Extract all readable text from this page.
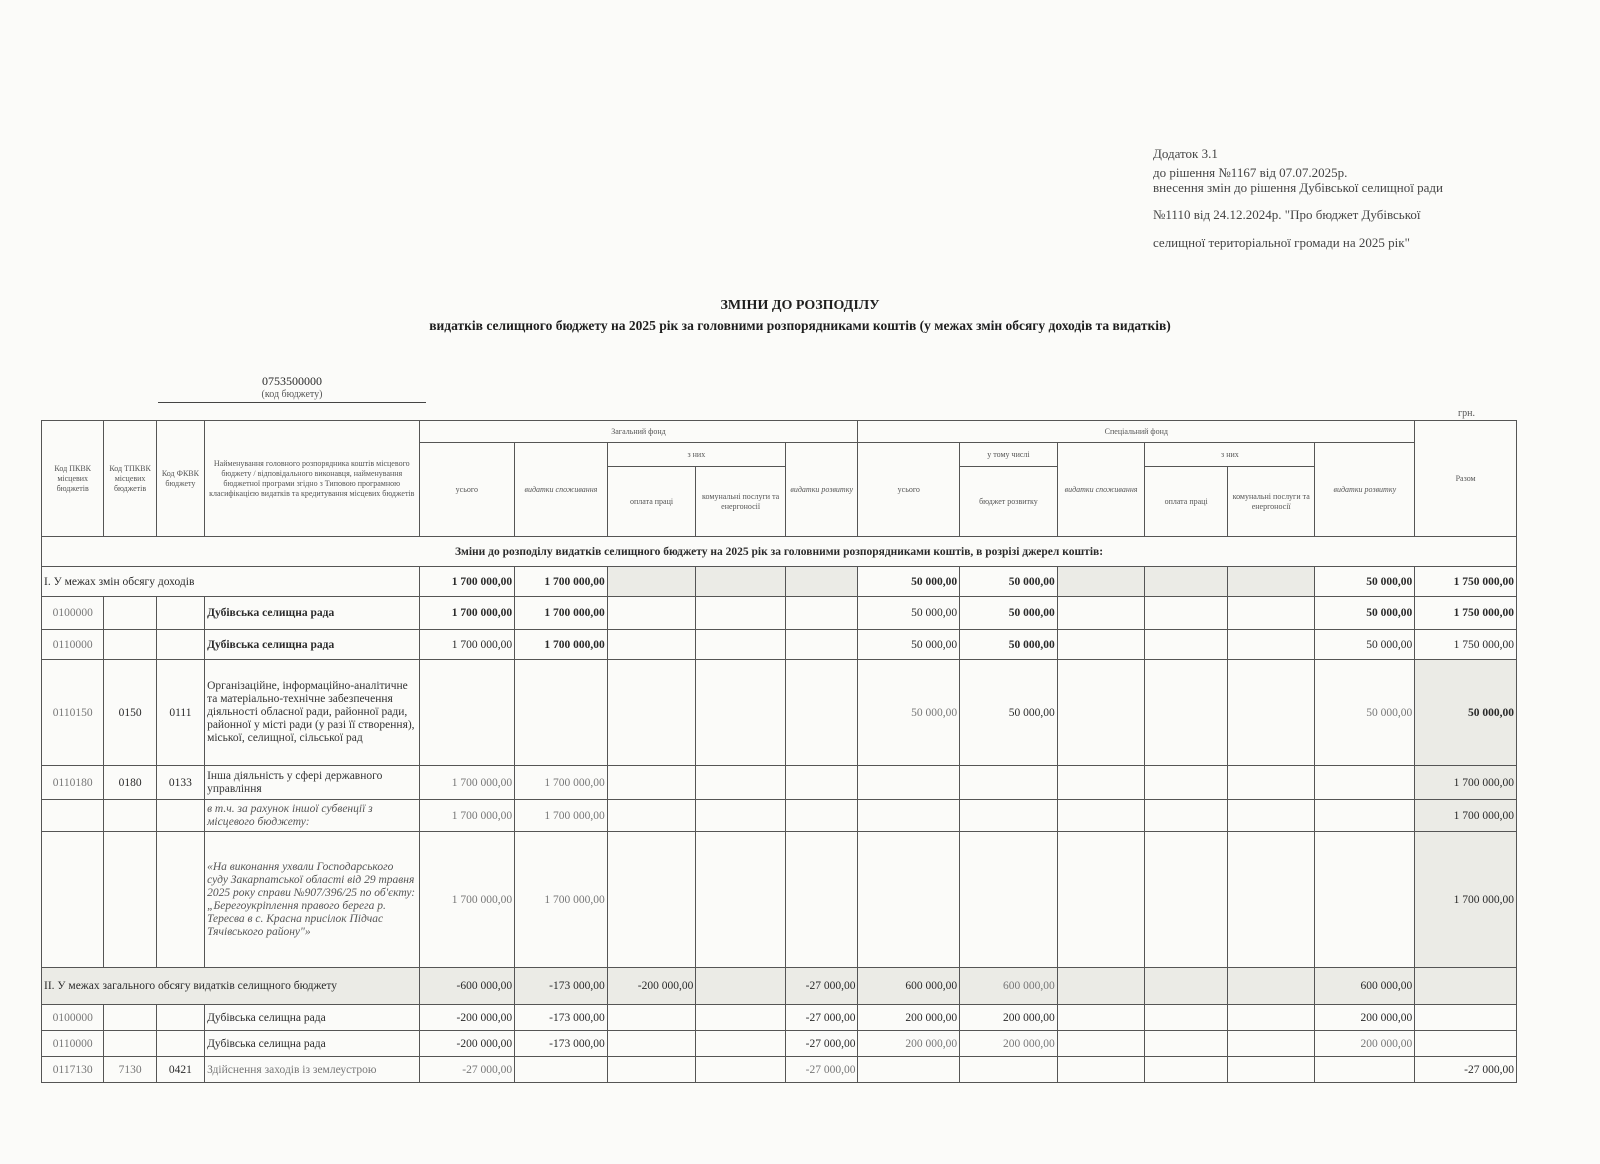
Додаток 3.1
до рішення №1167 від 07.07.2025р.
внесення змін до рішення Дубівської селищної ради
№1110 від 24.12.2024р. "Про бюджет Дубівської
селищної територіальної громади на 2025 рік"
ЗМІНИ ДО РОЗПОДІЛУ
видатків селищного бюджету на 2025 рік за головними розпорядниками коштів (у межах змін обсягу доходів та видатків)
0753500000
(код бюджету)
грн.
Код ПКВК місцевих бюджетів	Код ТПКВК місцевих бюджетів	Код ФКВК бюджету	Найменування головного розпорядника коштів місцевого бюджету / відповідального виконавця, найменування бюджетної програми згідно з Типовою програмною класифікацією видатків та кредитування місцевих бюджетів	Загальний фонд					Спеціальний фонд						Разом
				усього	видатки споживання	з них		видатки розвитку	усього	у тому числі	видатки споживання	з них		видатки розвитку	
						оплата праці	комунальні послуги та енергоносії			бюджет розвитку		оплата праці	комунальні послуги та енергоносії		
Зміни до розподілу видатків селищного бюджету на 2025 рік за головними розпорядниками коштів, в розрізі джерел коштів:															
І. У межах змін обсягу доходів				1 700 000,00	1 700 000,00				50 000,00	50 000,00				50 000,00	1 750 000,00
0100000			Дубівська селищна рада	1 700 000,00	1 700 000,00				50 000,00	50 000,00				50 000,00	1 750 000,00
0110000			Дубівська селищна рада	1 700 000,00	1 700 000,00				50 000,00	50 000,00				50 000,00	1 750 000,00
0110150	0150	0111	Організаційне, інформаційно-аналітичне та матеріально-технічне забезпечення діяльності обласної ради, районної ради, районної у місті ради (у разі її створення), міської, селищної, сільської рад						50 000,00	50 000,00				50 000,00	50 000,00
0110180	0180	0133	Інша діяльність у сфері державного управління	1 700 000,00	1 700 000,00										1 700 000,00
			в т.ч. за рахунок іншої субвенції з місцевого бюджету:	1 700 000,00	1 700 000,00										1 700 000,00
			«На виконання ухвали Господарського суду Закарпатської області від 29 травня 2025 року справи №907/396/25 по об'єкту: „Берегоукріплення правого берега р. Тересва в с. Красна присілок Підчас Тячівського району"»	1 700 000,00	1 700 000,00										1 700 000,00
ІІ. У межах загального обсягу видатків селищного бюджету				-600 000,00	-173 000,00	-200 000,00		-27 000,00	600 000,00	600 000,00				600 000,00	
0100000			Дубівська селищна рада	-200 000,00	-173 000,00			-27 000,00	200 000,00	200 000,00				200 000,00	
0110000			Дубівська селищна рада	-200 000,00	-173 000,00			-27 000,00	200 000,00	200 000,00				200 000,00	
0117130	7130	0421	Здійснення заходів із землеустрою	-27 000,00				-27 000,00							-27 000,00
